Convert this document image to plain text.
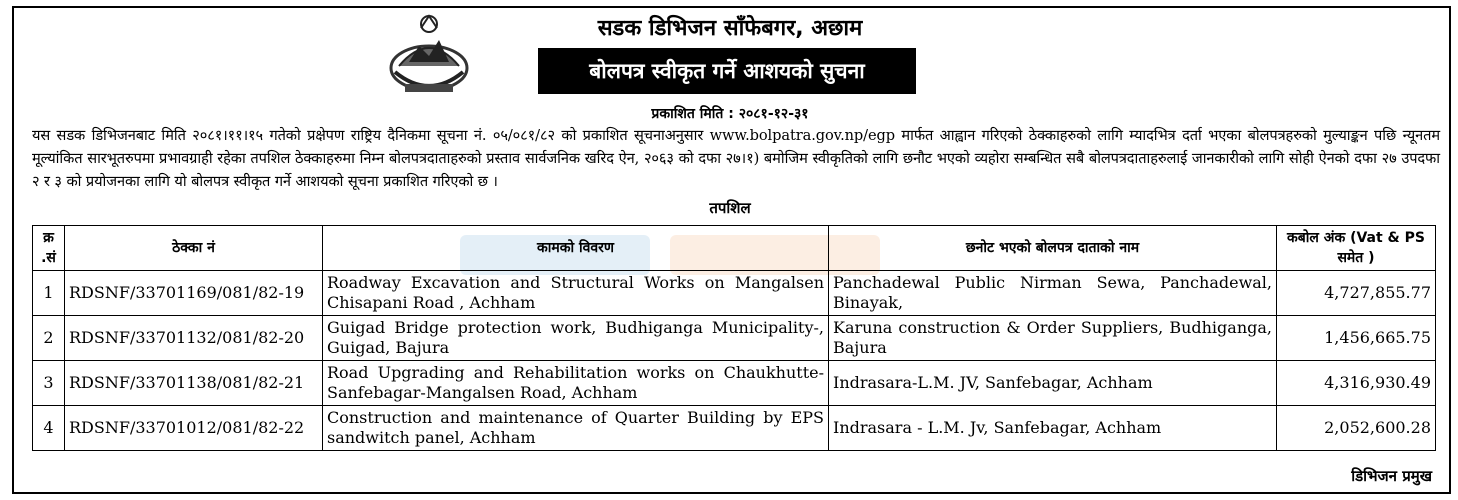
सडक डिभिजन साँफेबगर, अछाम
बोलपत्र स्वीकृत गर्ने आशयको सुचना
प्रकाशित मिति : २०८१-१२-३१
यस सडक डिभिजनबाट मिति २०८१।११।१५ गतेको प्रक्षेपण राष्ट्रिय दैनिकमा सूचना नं. ०५/०८१/८२ को प्रकाशित सूचनाअनुसार www.bolpatra.gov.np/egp मार्फत आह्वान गरिएको ठेक्काहरुको लागि म्यादभित्र दर्ता भएका बोलपत्रहरुको मुल्याङ्कन पछि न्यूनतम मूल्यांकित सारभूतरुपमा प्रभावग्राही रहेका तपशिल ठेक्काहरुमा निम्न बोलपत्रदाताहरुको प्रस्ताव सार्वजनिक खरिद ऐन, २०६३ को दफा २७।१) बमोजिम स्वीकृतिको लागि छनौट भएको व्यहोरा सम्बन्धित सबै बोलपत्रदाताहरुलाई जानकारीको लागि सोही ऐनको दफा २७ उपदफा २ र ३ को प्रयोजनका लागि यो बोलपत्र स्वीकृत गर्ने आशयको सूचना प्रकाशित गरिएको छ ।
तपशिल
क्र .सं	ठेक्का नं	कामको विवरण	छनोट भएको बोलपत्र दाताको नाम	कबोल अंक (Vat & PS समेत )
1	RDSNF/33701169/081/82-19	Roadway Excavation and Structural Works on Mangalsen Chisapani Road , Achham	Panchadewal Public Nirman Sewa, Panchadewal, Binayak,	4,727,855.77
2	RDSNF/33701132/081/82-20	Guigad Bridge protection work, Budhiganga Municipality-, Guigad, Bajura	Karuna construction & Order Suppliers, Budhiganga, Bajura	1,456,665.75
3	RDSNF/33701138/081/82-21	Road Upgrading and Rehabilitation works on Chaukhutte-Sanfebagar-Mangalsen Road, Achham	Indrasara-L.M. JV, Sanfebagar, Achham	4,316,930.49
4	RDSNF/33701012/081/82-22	Construction and maintenance of Quarter Building by EPS sandwitch panel, Achham	Indrasara - L.M. Jv, Sanfebagar, Achham	2,052,600.28
डिभिजन प्रमुख
